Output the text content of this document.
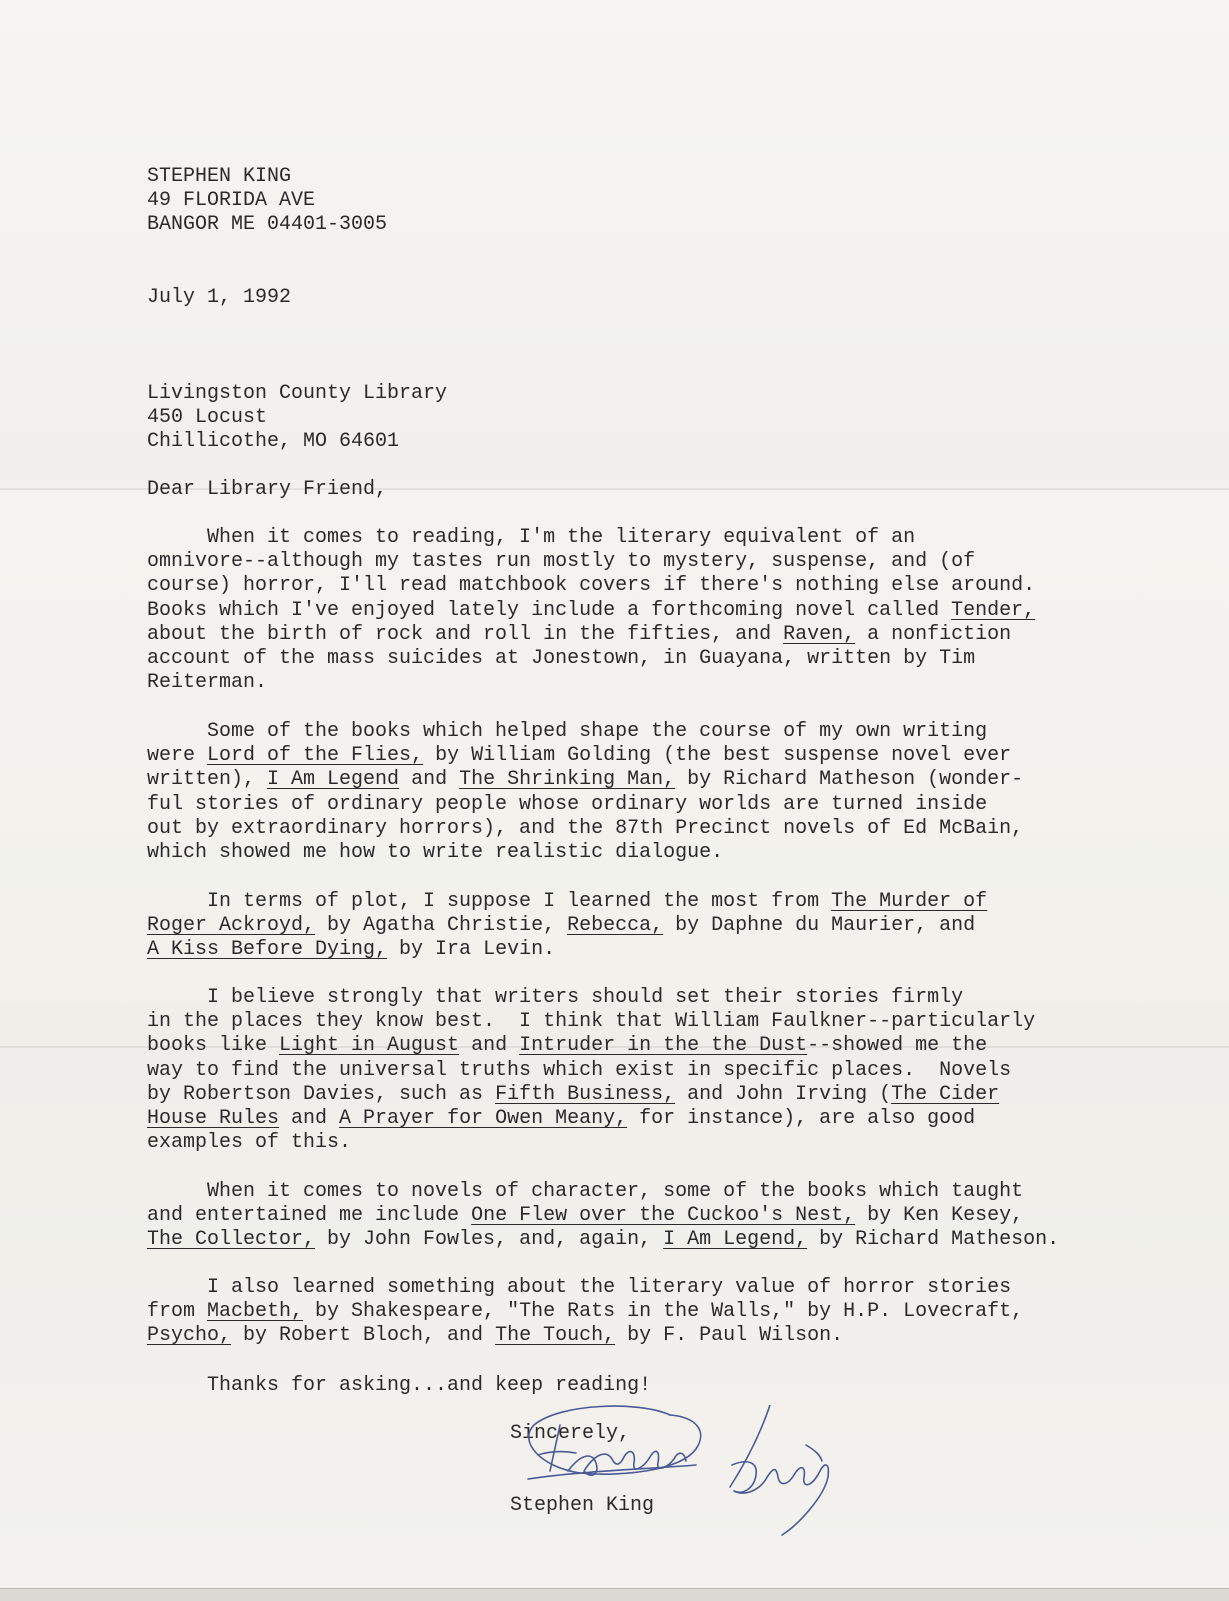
STEPHEN KING
49 FLORIDA AVE
BANGOR ME 04401-3005
July 1, 1992
Livingston County Library
450 Locust
Chillicothe, MO 64601
Dear Library Friend,
When it comes to reading, I'm the literary equivalent of an
omnivore--although my tastes run mostly to mystery, suspense, and (of
course) horror, I'll read matchbook covers if there's nothing else around.
Books which I've enjoyed lately include a forthcoming novel called Tender,
about the birth of rock and roll in the fifties, and Raven, a nonfiction
account of the mass suicides at Jonestown, in Guayana, written by Tim
Reiterman.
Some of the books which helped shape the course of my own writing
were Lord of the Flies, by William Golding (the best suspense novel ever
written), I Am Legend and The Shrinking Man, by Richard Matheson (wonder-
ful stories of ordinary people whose ordinary worlds are turned inside
out by extraordinary horrors), and the 87th Precinct novels of Ed McBain,
which showed me how to write realistic dialogue.
In terms of plot, I suppose I learned the most from The Murder of
Roger Ackroyd, by Agatha Christie, Rebecca, by Daphne du Maurier, and
A Kiss Before Dying, by Ira Levin.
I believe strongly that writers should set their stories firmly
in the places they know best.  I think that William Faulkner--particularly
books like Light in August and Intruder in the the Dust--showed me the
way to find the universal truths which exist in specific places.  Novels
by Robertson Davies, such as Fifth Business, and John Irving (The Cider
House Rules and A Prayer for Owen Meany, for instance), are also good
examples of this.
When it comes to novels of character, some of the books which taught
and entertained me include One Flew over the Cuckoo's Nest, by Ken Kesey,
The Collector, by John Fowles, and, again, I Am Legend, by Richard Matheson.
I also learned something about the literary value of horror stories
from Macbeth, by Shakespeare, "The Rats in the Walls," by H.P. Lovecraft,
Psycho, by Robert Bloch, and The Touch, by F. Paul Wilson.
Thanks for asking...and keep reading!
Sincerely,
Stephen King
